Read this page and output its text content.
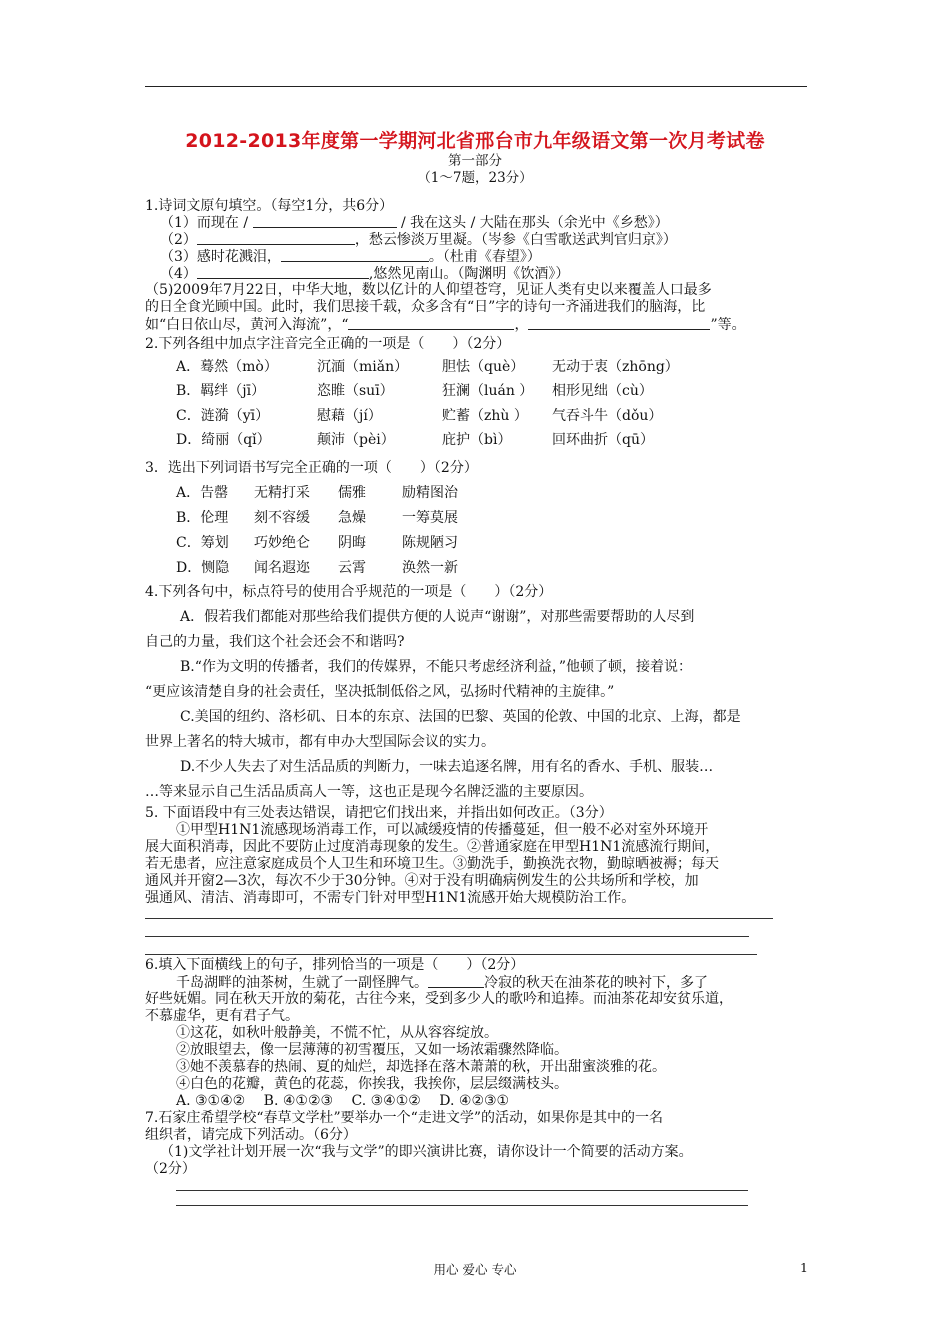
2012-2013年度第一学期河北省邢台市九年级语文第一次月考试卷
第一部分
（1～7题，23分）
1.诗词文原句填空。（每空1分，共6分）
（1）而现在 /	/ 我在这头 / 大陆在那头（余光中《乡愁》）
（2）	，愁云惨淡万里凝。（岑参《白雪歌送武判官归京》）
（3）感时花溅泪，	。（杜甫《春望》）
（4）	,悠然见南山。（陶渊明《饮酒》）
（5)2009年7月22日，中华大地，数以亿计的人仰望苍穹，见证人类有史以来覆盖人口最多
的日全食光顾中国。此时，我们思接千载，众多含有“日”字的诗句一齐涌进我们的脑海，比
如“白日依山尽，黄河入海流”，“	，	”等。
2.下列各组中加点字注音完全正确的一项是（　　）（2分）
A．蓦然（mò）	沉湎（miǎn） 胆怯（què） 无动于衷（zhōng）
B．羁绊（jī）	恣睢（suī）	狂澜（luán ） 相形见绌（cù）
C．涟漪（yī）	慰藉（jí）	贮蓄（zhù ） 气吞斗牛（dǒu）
D．绮丽（qǐ）	颠沛（pèi）	庇护（bì）	回环曲折（qū）
3．选出下列词语书写完全正确的一项（　　）（2分）
A．告罄 无精打采 儒雅	励精图治
B．伦理 刻不容缓 急燥	一筹莫展
C．筹划 巧妙绝仑 阴晦	陈规陋习
D．恻隐 闻名遐迩 云霄	涣然一新
4.下列各句中，标点符号的使用合乎规范的一项是（　　）（2分）
A．假若我们都能对那些给我们提供方便的人说声“谢谢”，对那些需要帮助的人尽到
自己的力量，我们这个社会还会不和谐吗?
B.“作为文明的传播者，我们的传媒界，不能只考虑经济利益，”他顿了顿，接着说：
“更应该清楚自身的社会责任，坚决抵制低俗之风，弘扬时代精神的主旋律。”
C.美国的纽约、洛杉矶、日本的东京、法国的巴黎、英国的伦敦、中国的北京、上海，都是
世界上著名的特大城市，都有申办大型国际会议的实力。
D.不少人失去了对生活品质的判断力，一味去追逐名牌，用有名的香水、手机、服装…
…等来显示自己生活品质高人一等，这也正是现今名牌泛滥的主要原因。
5. 下面语段中有三处表达错误，请把它们找出来，并指出如何改正。（3分）
①甲型H1N1流感现场消毒工作，可以减缓疫情的传播蔓延，但一般不必对室外环境开
展大面积消毒，因此不要防止过度消毒现象的发生。②普通家庭在甲型H1N1流感流行期间，
若无患者，应注意家庭成员个人卫生和环境卫生。③勤洗手，勤换洗衣物，勤晾晒被褥；每天
通风并开窗2—3次，每次不少于30分钟。④对于没有明确病例发生的公共场所和学校，加
强通风、清洁、消毒即可，不需专门针对甲型H1N1流感开始大规模防治工作。
6.填入下面横线上的句子，排列恰当的一项是（　　）（2分）
千岛湖畔的油茶树，生就了一副怪脾气。	冷寂的秋天在油茶花的映衬下，多了
好些妩媚。同在秋天开放的菊花，古往今来，受到多少人的歌吟和追捧。而油茶花却安贫乐道，
不慕虚华，更有君子气。
①这花，如秋叶般静美，不慌不忙，从从容容绽放。
②放眼望去，像一层薄薄的初雪覆压，又如一场浓霜骤然降临。
③她不羡慕春的热闹、夏的灿烂，却选择在落木萧萧的秋，开出甜蜜淡雅的花。
④白色的花瓣，黄色的花蕊，你挨我，我挨你，层层缀满枝头。
A. ③①④②　 B. ④①②③　 C. ③④①②　 D. ④②③①
7.石家庄希望学校“春草文学杜”要举办一个“走进文学”的活动，如果你是其中的一名
组织者，请完成下列活动。（6分）
（1)文学社计划开展一次“我与文学”的即兴演讲比赛，请你设计一个简要的活动方案。
（2分）
用心 爱心 专心	1
